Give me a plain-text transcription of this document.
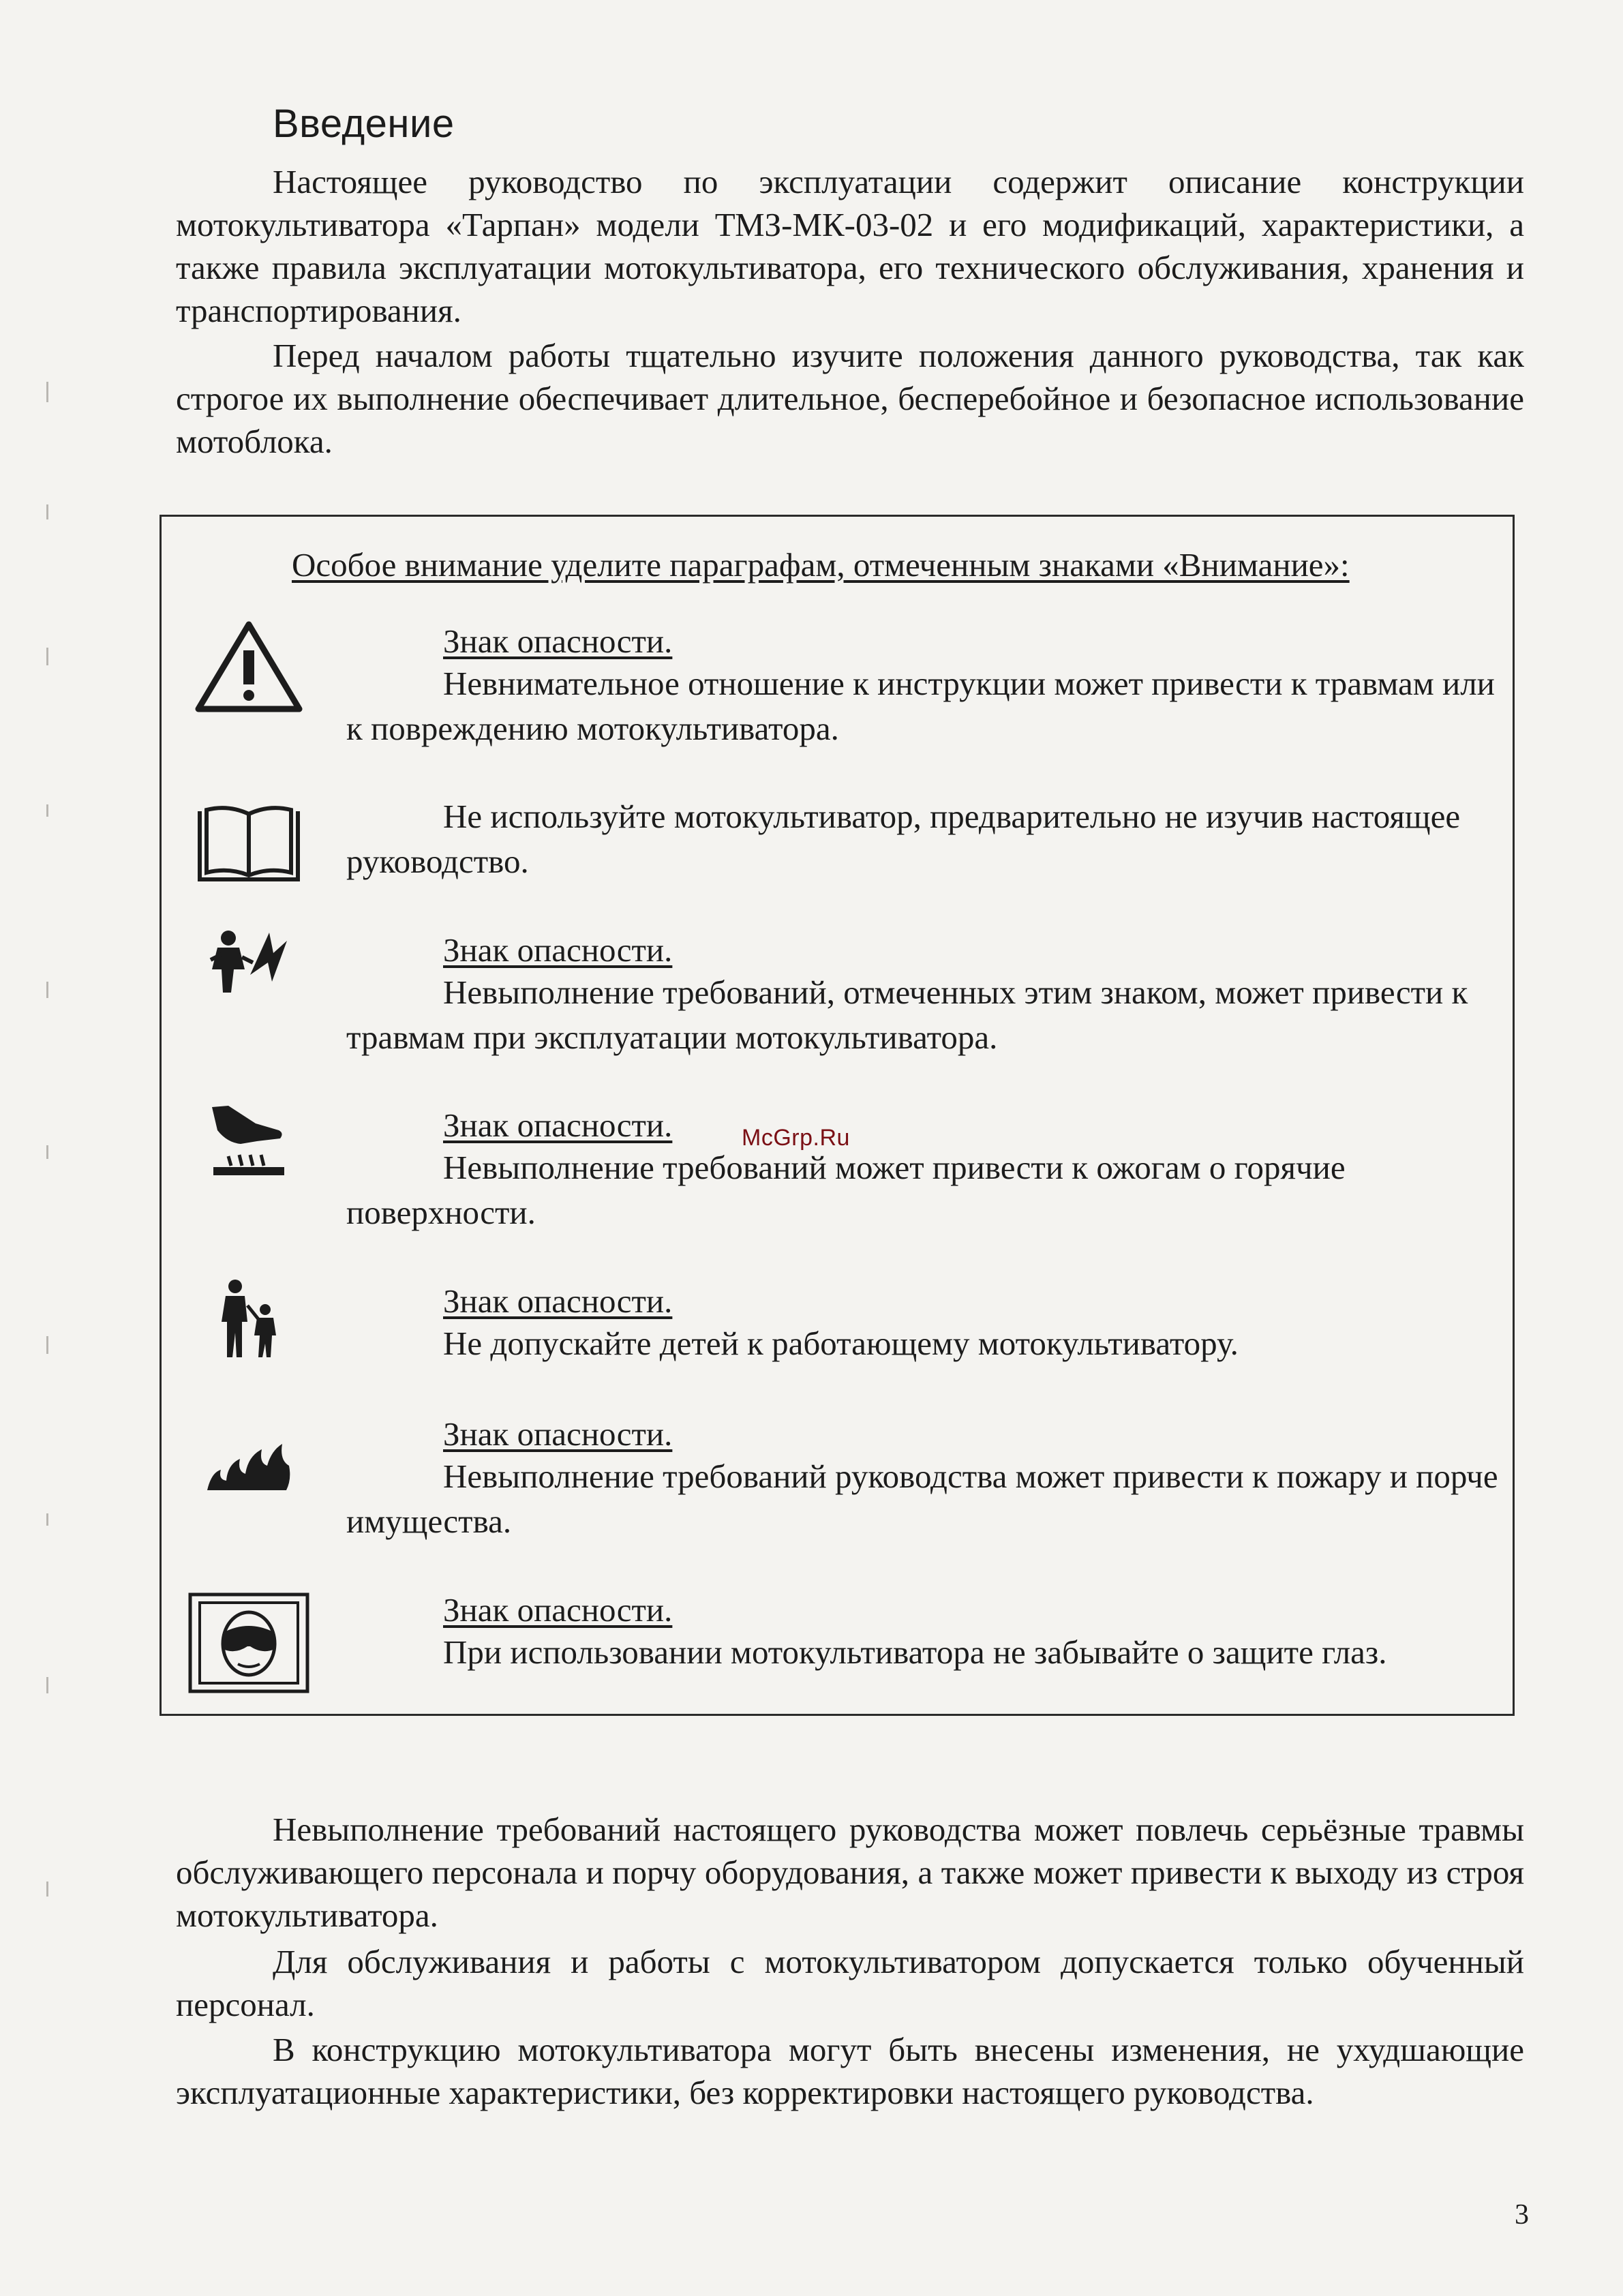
Введение

Настоящее руководство по эксплуатации содержит описание конструкции мотокультиватора «Тарпан» модели ТМЗ-МК-03-02 и его модификаций, характеристики, а также правила эксплуатации мотокультиватора, его технического обслуживания, хранения и транспортирования.

Перед началом работы тщательно изучите положения данного руководства, так как строгое их выполнение обеспечивает длительное, бесперебойное и безопасное использование мотоблока.

Особое внимание уделите параграфам, отмеченным знаками «Внимание»:
Знак опасности.

Невнимательное отношение к инструкции может привести к травмам или к повреждению мотокультиватора.

Не используйте мотокультиватор, предварительно не изучив настоящее руководство.

Знак опасности.

Невыполнение требований, отмеченных этим знаком, может привести к травмам при эксплуатации мотокультиватора.

Знак опасности.

Невыполнение требований может привести к ожогам о горячие поверхности.

Знак опасности.

Не допускайте детей к работающему мотокультиватору.

Знак опасности.

Невыполнение требований руководства может привести к пожару и порче имущества.

Знак опасности.

При использовании мотокультиватора не забывайте о защите глаз.

McGrp.Ru

Невыполнение требований настоящего руководства может повлечь серьёзные травмы обслуживающего персонала и порчу оборудования, а также может привести к выходу из строя мотокультиватора.

Для обслуживания и работы с мотокультиватором допускается только обученный персонал.

В конструкцию мотокультиватора могут быть внесены изменения, не ухудшающие эксплуатационные характеристики, без корректировки настоящего руководства.

3
